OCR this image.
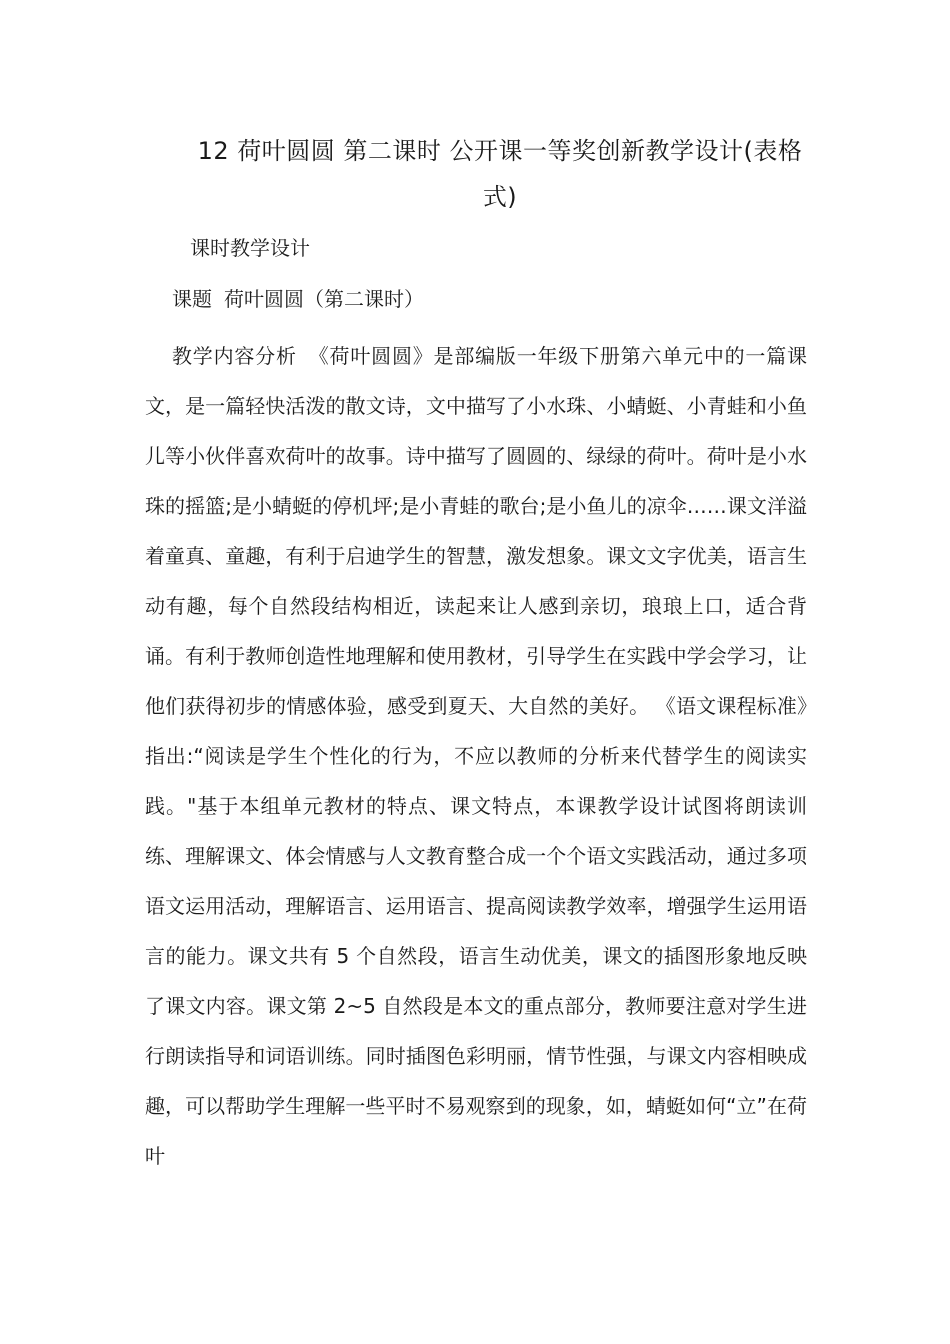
12 荷叶圆圆 第二课时 公开课一等奖创新教学设计(表格式)
课时教学设计
课题 荷叶圆圆（第二课时）

教学内容分析 《荷叶圆圆》是部编版一年级下册第六单元中的一篇课文，是一篇轻快活泼的散文诗，文中描写了小水珠、小蜻蜓、小青蛙和小鱼儿等小伙伴喜欢荷叶的故事。诗中描写了圆圆的、绿绿的荷叶。荷叶是小水珠的摇篮;是小蜻蜓的停机坪;是小青蛙的歌台;是小鱼儿的凉伞……课文洋溢着童真、童趣，有利于启迪学生的智慧，激发想象。课文文字优美，语言生动有趣，每个自然段结构相近，读起来让人感到亲切，琅琅上口，适合背诵。有利于教师创造性地理解和使用教材，引导学生在实践中学会学习，让他们获得初步的情感体验，感受到夏天、大自然的美好。 《语文课程标准》指出:“阅读是学生个性化的行为，不应以教师的分析来代替学生的阅读实践。"基于本组单元教材的特点、课文特点，本课教学设计试图将朗读训练、理解课文、体会情感与人文教育整合成一个个语文实践活动，通过多项语文运用活动，理解语言、运用语言、提高阅读教学效率，增强学生运用语言的能力。课文共有 5 个自然段，语言生动优美，课文的插图形象地反映了课文内容。课文第 2~5 自然段是本文的重点部分，教师要注意对学生进行朗读指导和词语训练。同时插图色彩明丽，情节性强，与课文内容相映成趣，可以帮助学生理解一些平时不易观察到的现象，如，蜻蜓如何“立”在荷叶
